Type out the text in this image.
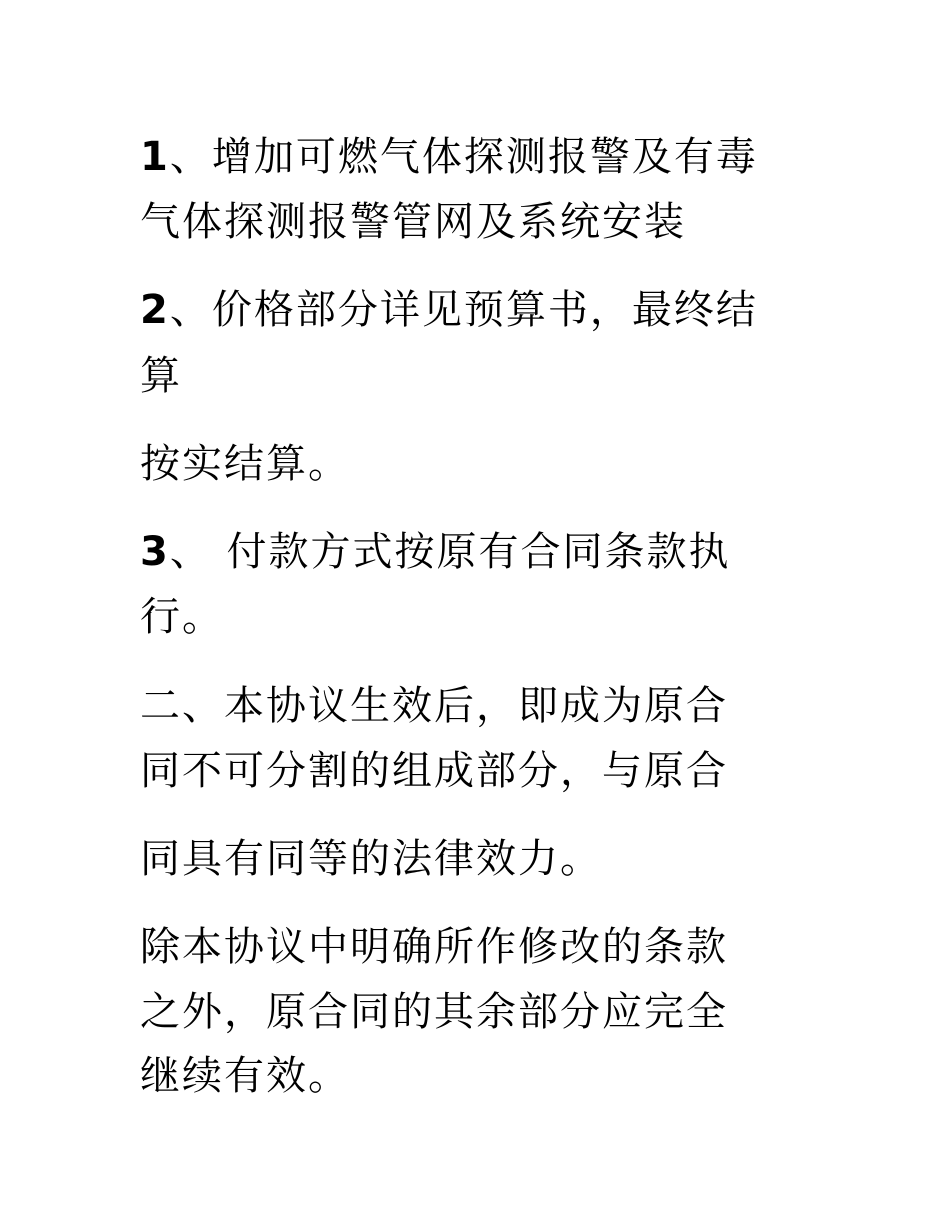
1、增加可燃气体探测报警及有毒

气体探测报警管网及系统安装

2、价格部分详见预算书，最终结

算

按实结算。

3、 付款方式按原有合同条款执

行。

二、本协议生效后，即成为原合

同不可分割的组成部分，与原合

同具有同等的法律效力。

除本协议中明确所作修改的条款

之外，原合同的其余部分应完全

继续有效。
